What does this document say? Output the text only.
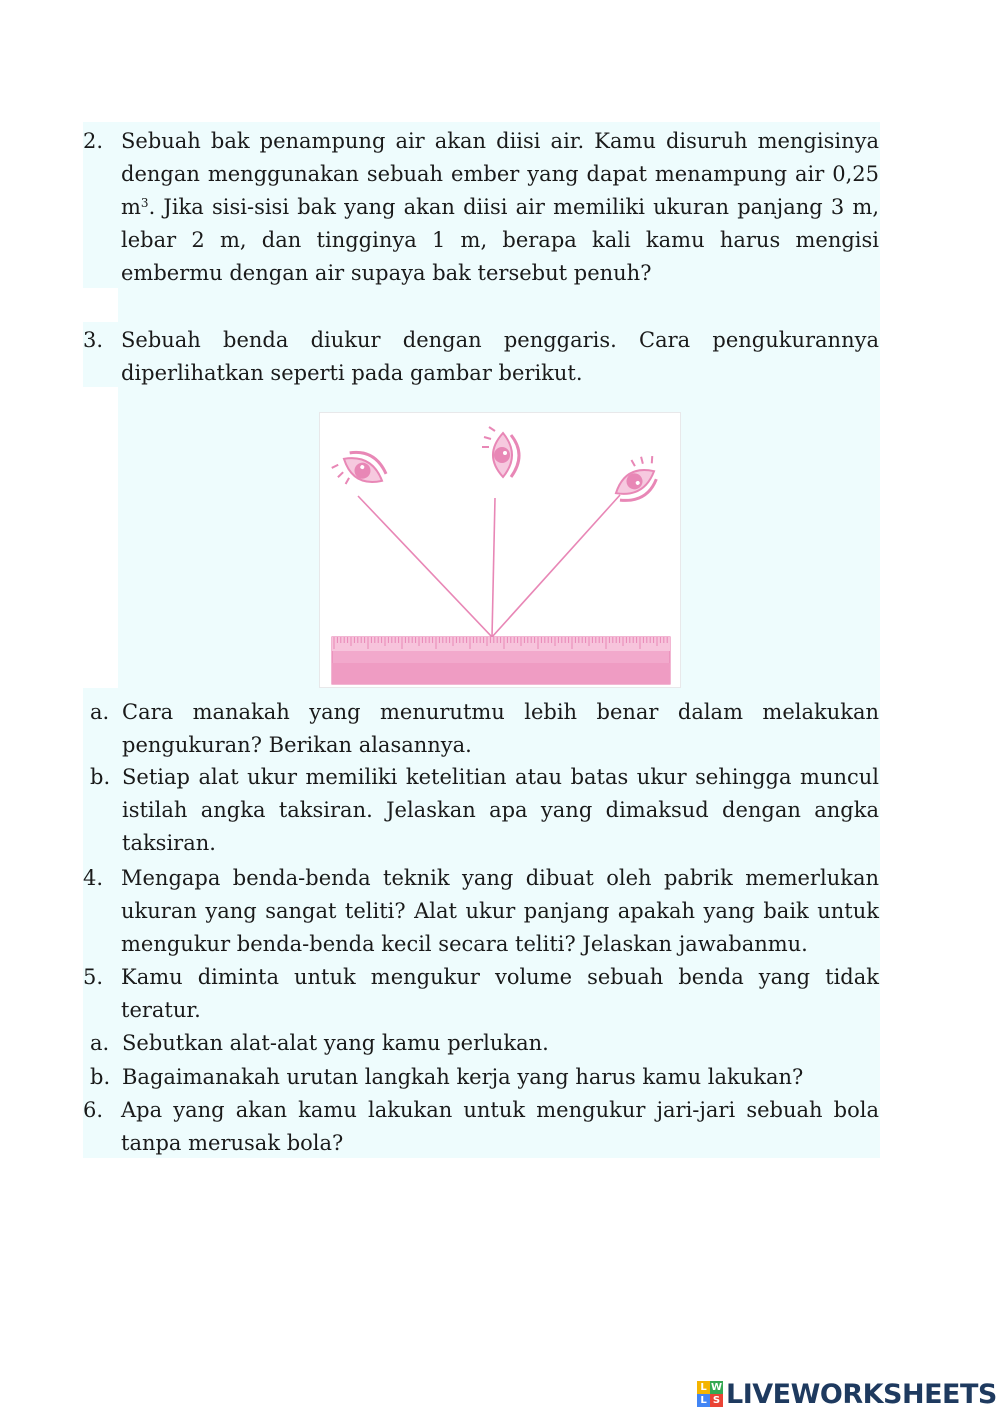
2. Sebuah bak penampung air akan diisi air. Kamu disuruh mengisinya dengan menggunakan sebuah ember yang dapat menampung air 0,25 $m^3$. Jika sisi-sisi bak yang akan diisi air memiliki ukuran panjang 3 m, lebar 2 m, dan tingginya 1 m, berapa kali kamu harus mengisi embermu dengan air supaya bak tersebut penuh?
3. Sebuah benda diukur dengan penggaris. Cara pengukurannya diperlihatkan seperti pada gambar berikut.
a. Cara manakah yang menurutmu lebih benar dalam melakukan pengukuran? Berikan alasannya.
b. Setiap alat ukur memiliki ketelitian atau batas ukur sehingga muncul istilah angka taksiran. Jelaskan apa yang dimaksud dengan angka taksiran.
4. Mengapa benda-benda teknik yang dibuat oleh pabrik memerlukan ukuran yang sangat teliti? Alat ukur panjang apakah yang baik untuk mengukur benda-benda kecil secara teliti? Jelaskan jawabanmu.
5. Kamu diminta untuk mengukur volume sebuah benda yang tidak teratur.
a. Sebutkan alat-alat yang kamu perlukan.
b. Bagaimanakah urutan langkah kerja yang harus kamu lakukan?
6. Apa yang akan kamu lakukan untuk mengukur jari-jari sebuah bola tanpa merusak bola?
L W
L S LIVEWORKSHEETS
